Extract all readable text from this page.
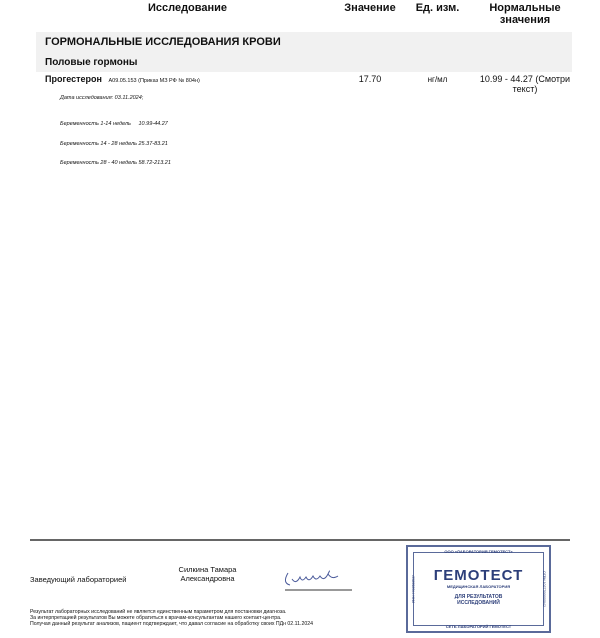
Исследование	Значение	Ед. изм.	Нормальные значения
ГОРМОНАЛЬНЫЕ ИССЛЕДОВАНИЯ КРОВИ
Половые гормоны
Прогестерон A09.05.153 (Приказ МЗ РФ № 804н)	17.70	нг/мл	10.99 - 44.27 (Смотри текст)
Дата исследования: 03.11.2024;

Беременность 1-14 недель     10.99-44.27

Беременность 14 - 28 недель 25.37-83.21

Беременность 28 - 40 недель 58.72-213.21

Заведующий лабораторией
Силкина Тамара Александровна
Результат лабораторных исследований не является единственным параметром для постановки диагноза.
За интерпретацией результатов Вы можете обратиться к врачам-консультантам нашего контакт-центра.
Получая данный результат анализов, пациент подтверждает, что давал согласие на обработку своих ПДн 02.11.2024
ООО «ЛАБОРАТОРИЯ ГЕМОТЕСТ»
ГЕМОТЕСТ
МЕДИЦИНСКАЯ ЛАБОРАТОРИЯ
ДЛЯ РЕЗУЛЬТАТОВ ИССЛЕДОВАНИЙ
СЕТЬ ЛАБОРАТОРИЙ ГЕМОТЕСТ
ИНН 7708588537	ОГРН 1027700000842
